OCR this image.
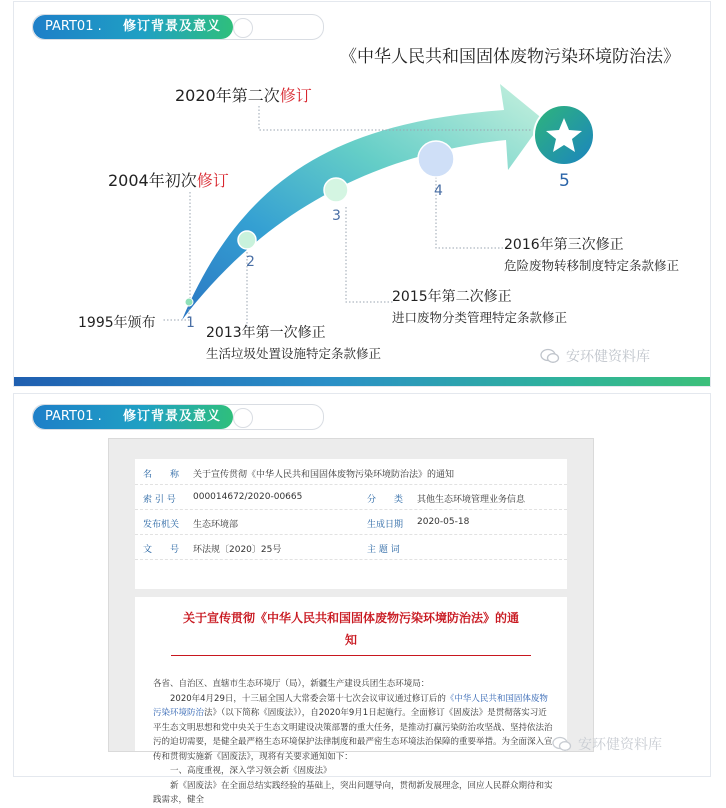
PART01 .	修订背景及意义
《中华人民共和国固体废物污染环境防治法》
1
2
3
4	5
1995年颁布
2004年初次修订
2020年第二次修订
2013年第一次修正
生活垃圾处置设施特定条款修正
2015年第二次修正
进口废物分类管理特定条款修正
2016年第三次修正
危险废物转移制度特定条款修正
安环健资料库
PART01 .	修订背景及意义
名　　称 关于宣传贯彻《中华人民共和国固体废物污染环境防治法》的通知
索 引 号 000014672/2020-00665	分　　类 其他生态环境管理业务信息
发布机关 生态环境部	生成日期 2020-05-18
文　　号 环法规〔2020〕25号	主 题 词
关于宣传贯彻《中华人民共和国固体废物污染环境防治法》的通
知

各省、自治区、直辖市生态环境厅（局），新疆生产建设兵团生态环境局：

2020年4月29日，十三届全国人大常委会第十七次会议审议通过修订后的《中华人民共和国固体废物污染环境防治法》（以下简称《固废法》），自2020年9月1日起施行。全面修订《固废法》是贯彻落实习近平生态文明思想和党中央关于生态文明建设决策部署的重大任务，是推动打赢污染防治攻坚战、坚持依法治污的迫切需要，是健全最严格生态环境保护法律制度和最严密生态环境法治保障的重要举措。为全面深入宣传和贯彻实施新《固废法》，现将有关要求通知如下：

一、高度重视，深入学习领会新《固废法》

新《固废法》在全面总结实践经验的基础上，突出问题导向，贯彻新发展理念，回应人民群众期待和实践需求，健全

安环健资料库
